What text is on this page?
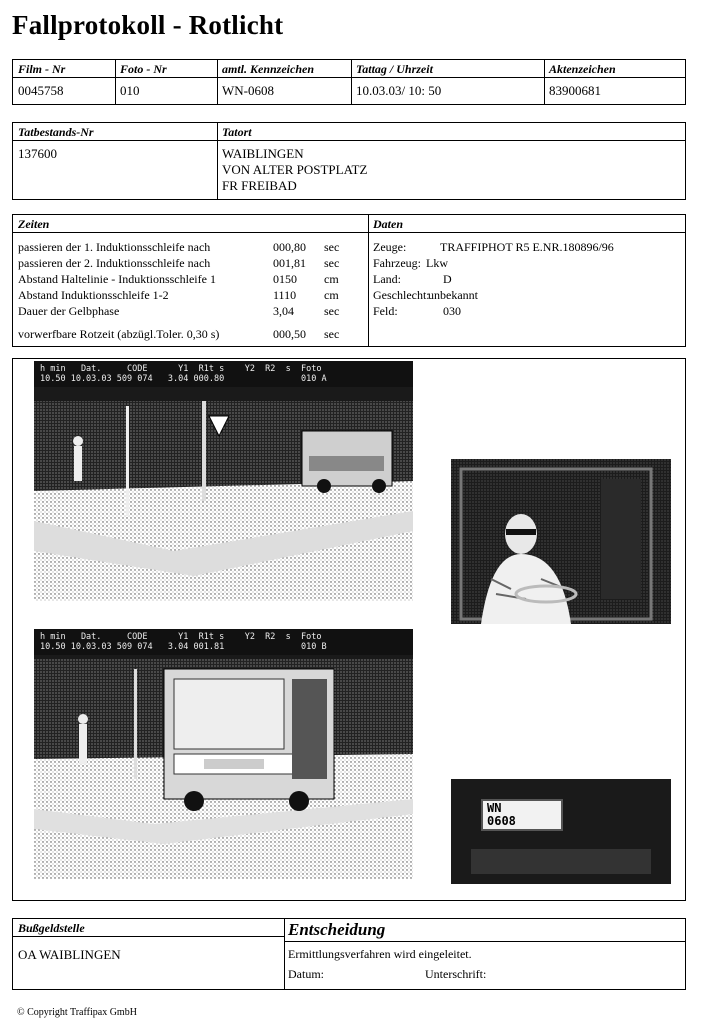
Fallprotokoll - Rotlicht
Film - Nr	Foto - Nr	amtl. Kennzeichen	Tattag / Uhrzeit	Aktenzeichen
0045758	010	WN-0608	10.03.03/ 10: 50	83900681
Tatbestands-Nr	Tatort
137600	WAIBLINGEN
VON ALTER POSTPLATZ
FR FREIBAD
Zeiten	Daten
passieren der 1. Induktionsschleife nach	000,80 sec
passieren der 2. Induktionsschleife nach	001,81 sec
Abstand Haltelinie - Induktionsschleife 1	0150 cm
Abstand Induktionsschleife 1-2	1110 cm
Dauer der Gelbphase	3,04	sec
vorwerfbare Rotzeit (abzügl.Toler. 0,30 s)	000,50 sec
Zeuge:	TRAFFIPHOT R5 E.NR.180896/96
Fahrzeug: Lkw
Land:	D
Geschlecht:
unbekannt
Feld:	030
h min   Dat.     CODE      Y1  R1t s    Y2  R2  s  Foto
10.50 10.03.03 509 074   3.04 000.80               010 A
h min   Dat.     CODE      Y1  R1t s    Y2  R2  s  Foto
10.50 10.03.03 509 074   3.04 001.81               010 B
WN
0608
Bußgeldstelle
OA WAIBLINGEN
Entscheidung
Ermittlungsverfahren wird eingeleitet.
Datum:	Unterschrift:
© Copyright Traffipax GmbH
